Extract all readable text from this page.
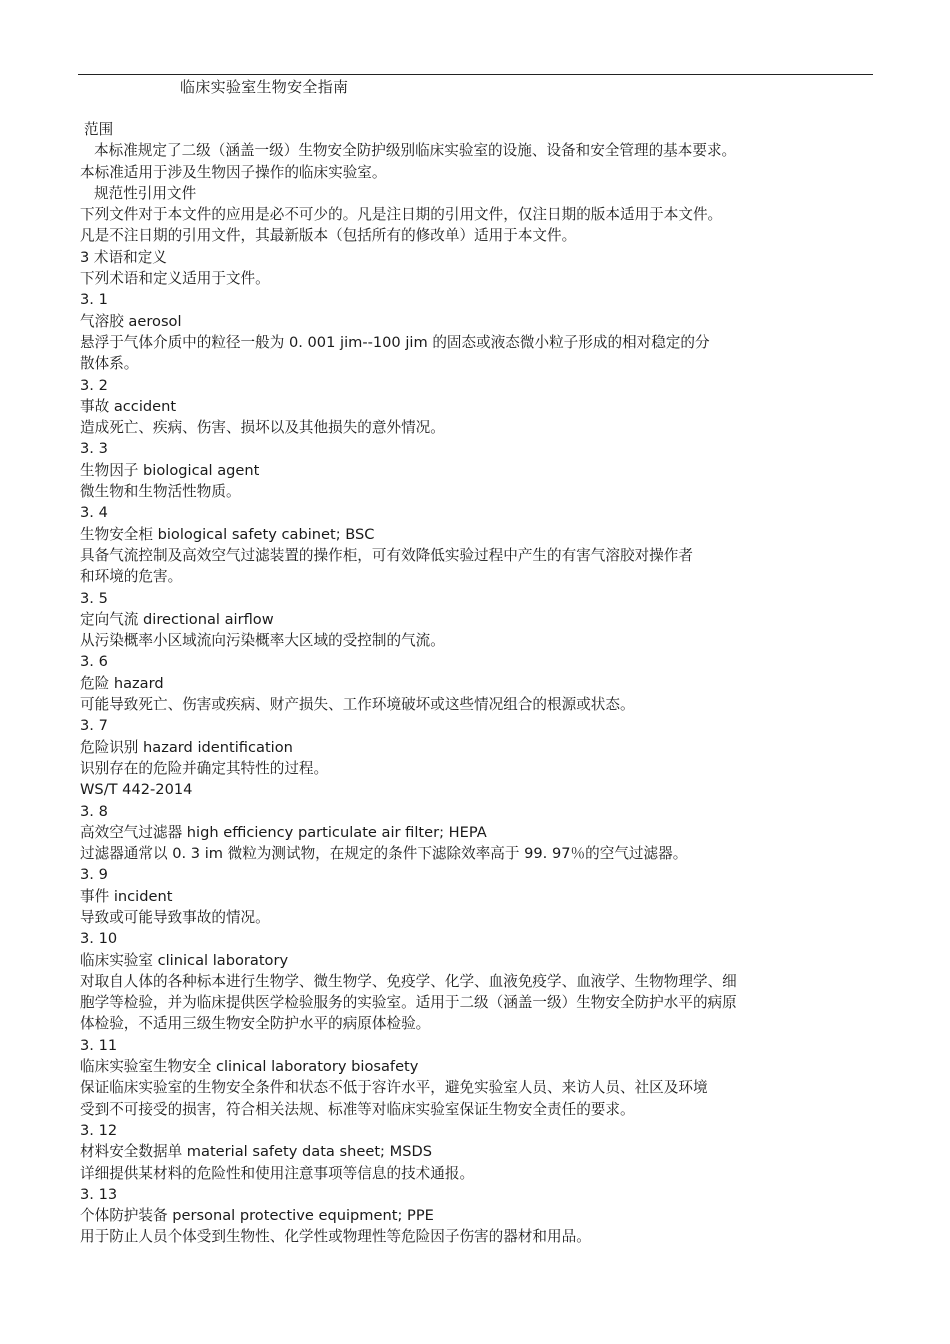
临床实验室生物安全指南
范围
本标准规定了二级（涵盖一级）生物安全防护级别临床实验室的设施、设备和安全管理的基本要求。
本标准适用于涉及生物因子操作的临床实验室。
规范性引用文件
下列文件对于本文件的应用是必不可少的。凡是注日期的引用文件，仅注日期的版本适用于本文件。
凡是不注日期的引用文件，其最新版本（包括所有的修改单）适用于本文件。
3 术语和定义
下列术语和定义适用于文件。
3. 1
气溶胶 aerosol
悬浮于气体介质中的粒径一般为 0. 001 jim--100 jim 的固态或液态微小粒子形成的相对稳定的分
散体系。
3. 2
事故 accident
造成死亡、疾病、伤害、损坏以及其他损失的意外情况。
3. 3
生物因子 biological agent
微生物和生物活性物质。
3. 4
生物安全柜 biological safety cabinet; BSC
具备气流控制及高效空气过滤装置的操作柜，可有效降低实验过程中产生的有害气溶胶对操作者
和环境的危害。
3. 5
定向气流 directional airflow
从污染概率小区域流向污染概率大区域的受控制的气流。
3. 6
危险 hazard
可能导致死亡、伤害或疾病、财产损失、工作环境破坏或这些情况组合的根源或状态。
3. 7
危险识别 hazard identification
识别存在的危险并确定其特性的过程。
WS/T 442-2014
3. 8
高效空气过滤器 high efficiency particulate air filter; HEPA
过滤器通常以 0. 3 im 微粒为测试物，在规定的条件下滤除效率高于 99. 97％的空气过滤器。
3. 9
事件 incident
导致或可能导致事故的情况。
3. 10
临床实验室 clinical laboratory
对取自人体的各种标本进行生物学、微生物学、免疫学、化学、血液免疫学、血液学、生物物理学、细
胞学等检验，并为临床提供医学检验服务的实验室。适用于二级（涵盖一级）生物安全防护水平的病原
体检验，不适用三级生物安全防护水平的病原体检验。
3. 11
临床实验室生物安全 clinical laboratory biosafety
保证临床实验室的生物安全条件和状态不低于容许水平，避免实验室人员、来访人员、社区及环境
受到不可接受的损害，符合相关法规、标准等对临床实验室保证生物安全责任的要求。
3. 12
材料安全数据单 material safety data sheet; MSDS
详细提供某材料的危险性和使用注意事项等信息的技术通报。
3. 13
个体防护装备 personal protective equipment; PPE
用于防止人员个体受到生物性、化学性或物理性等危险因子伤害的器材和用品。
